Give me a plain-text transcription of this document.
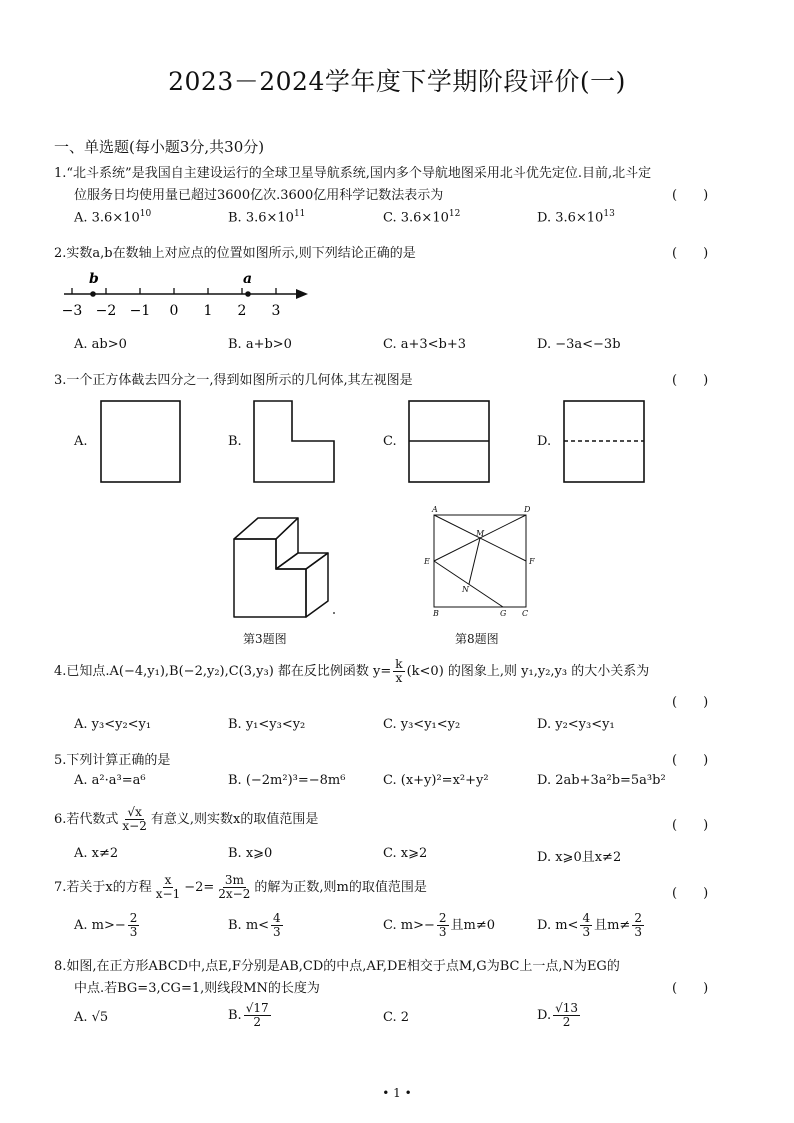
2023－2024学年度下学期阶段评价(一)
一、单选题(每小题3分,共30分)
1.“北斗系统”是我国自主建设运行的全球卫星导航系统,国内多个导航地图采用北斗优先定位.目前,北斗定
位服务日均使用量已超过3600亿次.3600亿用科学记数法表示为	(　　)
A. $3.6\times 10^{10}$	B. $3.6\times 10^{11}$	C. $3.6\times 10^{12}$	D. $3.6\times 10^{13}$
2.实数a,b在数轴上对应点的位置如图所示,则下列结论正确的是	(　　)
−3 −2 −1 0 1 2 3
b	a
A. ab>0	B. a+b>0	C. a+3<b+3	D. −3a<−3b
3.一个正方体截去四分之一,得到如图所示的几何体,其左视图是	(　　)
A.	B.	C.	D.
第3题图
A	D
M
E	F
N
B	G C
第8题图
4.已知点.A(−4,y₁),B(−2,y₂),C(3,y₃) 都在反比例函数 $y= \frac{k}{x} (k<0)$ 的图象上,则 y₁,y₂,y₃ 的大小关系为
(　　)
A. y₃<y₂<y₁	B. y₁<y₃<y₂	C. y₃<y₁<y₂	D. y₂<y₃<y₁
5.下列计算正确的是	(　　)
A. a²·a³=a⁶	B. (−2m²)³=−8m⁶	C. (x+y)²=x²+y²	D. 2ab+3a²b=5a³b²
6.若代数式 $\frac{√x}{x-2}$ 有意义,则实数x的取值范围是	(　　)
A. x≠2	B. x⩾0	C. x⩾2	D. x⩾0且x≠2
7.若关于x的方程 $\frac{x}{x-1} -2= \frac{3m}{2x-2}$ 的解为正数,则m的取值范围是	(　　)
A. $m>- \frac{2}{3}$	B. $m< \frac{4}{3}$	C. $m>- \frac{2}{3}$ 且m≠0	D. $m< \frac{4}{3}$ 且$m\ne \frac{2}{3}$
8.如图,在正方形ABCD中,点E,F分别是AB,CD的中点,AF,DE相交于点M,G为BC上一点,N为EG的
中点.若BG=3,CG=1,则线段MN的长度为	(　　)
A. √5	B. $\frac{√17}{2}$	C. 2	D. $\frac{√13}{2}$
• 1 •
